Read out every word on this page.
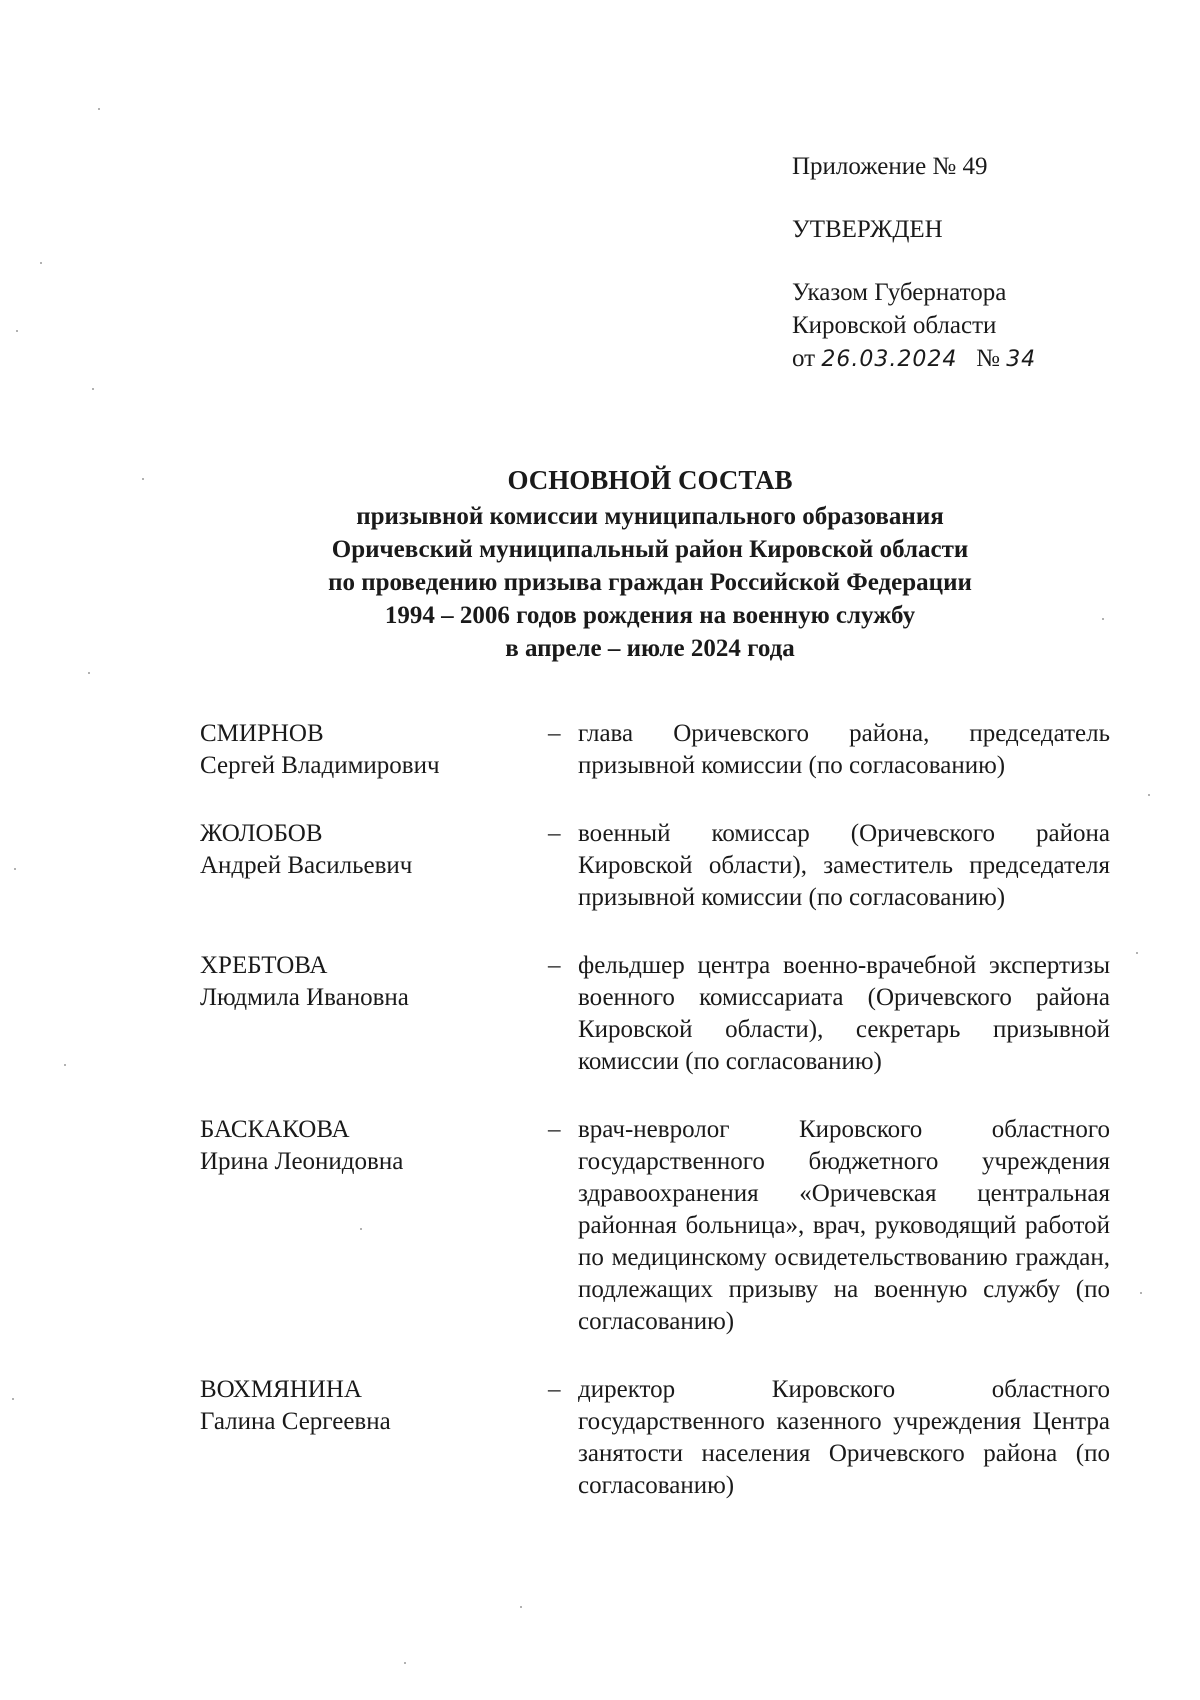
Приложение № 49
УТВЕРЖДЕН
Указом Губернатора
Кировской области
от 26.03.2024 № 34
ОСНОВНОЙ СОСТАВ
призывной комиссии муниципального образования
Оричевский муниципальный район Кировской области
по проведению призыва граждан Российской Федерации
1994 – 2006 годов рождения на военную службу
в апреле – июле 2024 года
СМИРНОВ
Сергей Владимирович
– глава Оричевского района, председатель призывной комиссии (по согласованию)
ЖОЛОБОВ
Андрей Васильевич
– военный комиссар (Оричевского района Кировской области), заместитель председателя призывной комиссии (по согласованию)
ХРЕБТОВА
Людмила Ивановна
– фельдшер центра военно-врачебной экспертизы военного комиссариата (Оричевского района Кировской области), секретарь призывной комиссии (по согласованию)
БАСКАКОВА
Ирина Леонидовна
– врач-невролог Кировского областного государственного бюджетного учреждения здравоохранения «Оричевская центральная районная больница», врач, руководящий работой по медицинскому освидетельствованию граждан, подлежащих призыву на военную службу (по согласованию)
ВОХМЯНИНА
Галина Сергеевна
– директор Кировского областного государственного казенного учреждения Центра занятости населения Оричевского района (по согласованию)
